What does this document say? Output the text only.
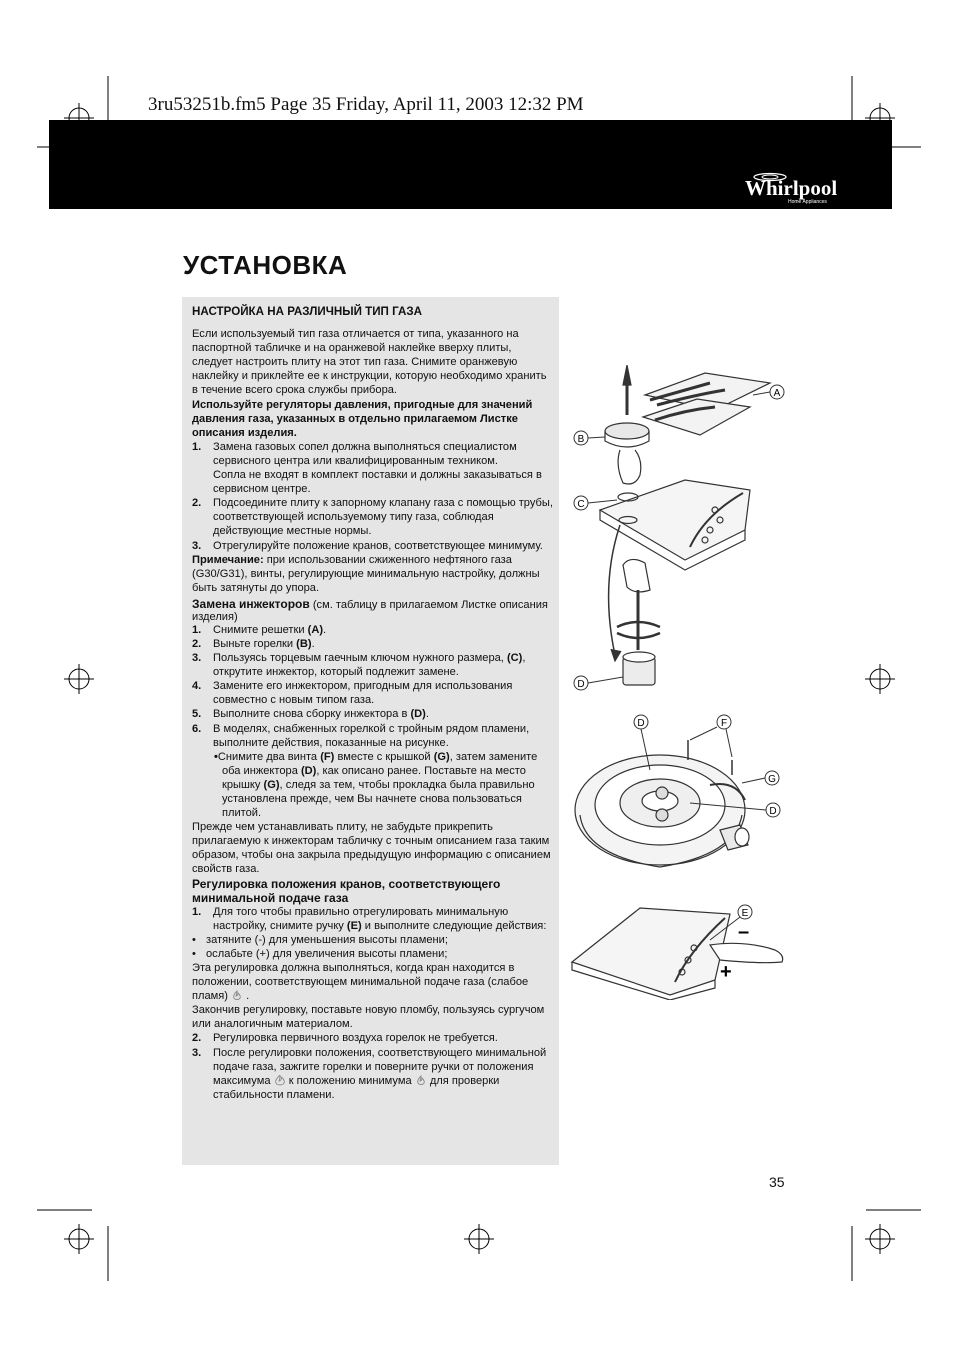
3ru53251b.fm5 Page 35 Friday, April 11, 2003 12:32 PM
Whirlpool
Home Appliances
УСТАНОВКА

НАСТРОЙКА НА РАЗЛИЧНЫЙ ТИП ГАЗА

Если используемый тип газа отличается от типа, указанного на паспортной табличке и на оранжевой наклейке вверху плиты, следует настроить плиту на этот тип газа. Снимите оранжевую наклейку и приклейте ее к инструкции, которую необходимо хранить в течение всего срока службы прибора.

Используйте регуляторы давления, пригодные для значений давления газа, указанных в отдельно прилагаемом Листке описания изделия.

1.	Замена газовых сопел должна выполняться специалистом сервисного центра или квалифицированным техником.
Сопла не входят в комплект поставки и должны заказываться в сервисном центре.
2.	Подсоедините плиту к запорному клапану газа с помощью трубы, соответствующей используемому типу газа, соблюдая действующие местные нормы.
3.	Отрегулируйте положение кранов, соответствующее минимуму.

Примечание: при использовании сжиженного нефтяного газа (G30/G31), винты, регулирующие минимальную настройку, должны быть затянуты до упора.

Замена инжекторов (см. таблицу в прилагаемом Листке описания изделия)

1.	Снимите решетки (A).
2.	Выньте горелки (B).
3.	Пользуясь торцевым гаечным ключом нужного размера, (C), открутите инжектор, который подлежит замене.
4.	Замените его инжектором, пригодным для использования совместно с новым типом газа.
5.	Выполните снова сборку инжектора в (D).
6.	В моделях, снабженных горелкой с тройным рядом пламени, выполните действия, показанные на рисунке.

•Снимите два винта (F) вместе с крышкой (G), затем замените оба инжектора (D), как описано ранее. Поставьте на место крышку (G), следя за тем, чтобы прокладка была правильно установлена прежде, чем Вы начнете снова пользоваться плитой.

Прежде чем устанавливать плиту, не забудьте прикрепить прилагаемую к инжекторам табличку с точным описанием газа таким образом, чтобы она закрыла предыдущую информацию с описанием свойств газа.

Регулировка положения кранов, соответствующего минимальной подаче газа

1.	Для того чтобы правильно отрегулировать минимальную настройку, снимите ручку (E) и выполните следующие действия:
• затяните (-) для уменьшения высоты пламени;
• ослабьте (+) для увеличения высоты пламени;

Эта регулировка должна выполняться, когда кран находится в положении, соответствующем минимальной подаче газа (слабое пламя) .

Закончив регулировку, поставьте новую пломбу, пользуясь сургучом или аналогичным материалом.

2.	Регулировка первичного воздуха горелок не требуется.
3.	После регулировки положения, соответствующего минимальной подаче газа, зажгите горелки и поверните ручки от положения максимума к положению минимума для проверки стабильности пламени.
A
B
C
D
D	F
G
D
E
–
+
35
